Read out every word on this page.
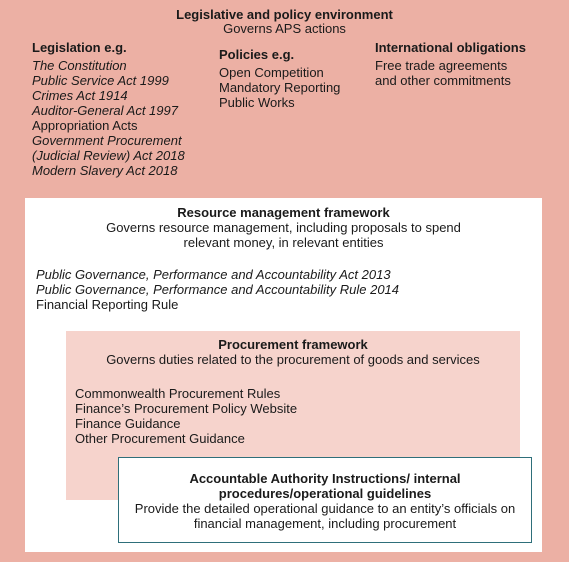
Legislative and policy environment
Governs APS actions
Legislation e.g.
The Constitution
Public Service Act 1999
Crimes Act 1914
Auditor-General Act 1997
Appropriation Acts
Government Procurement
(Judicial Review) Act 2018
Modern Slavery Act 2018
Policies e.g.
Open Competition
Mandatory Reporting
Public Works
International obligations
Free trade agreements
and other commitments
Resource management framework
Governs resource management, including proposals to spend
relevant money, in relevant entities
Public Governance, Performance and Accountability Act 2013
Public Governance, Performance and Accountability Rule 2014
Financial Reporting Rule
Procurement framework
Governs duties related to the procurement of goods and services
Commonwealth Procurement Rules
Finance’s Procurement Policy Website
Finance Guidance
Other Procurement Guidance
Accountable Authority Instructions/ internal
procedures/operational guidelines
Provide the detailed operational guidance to an entity’s officials on
financial management, including procurement
